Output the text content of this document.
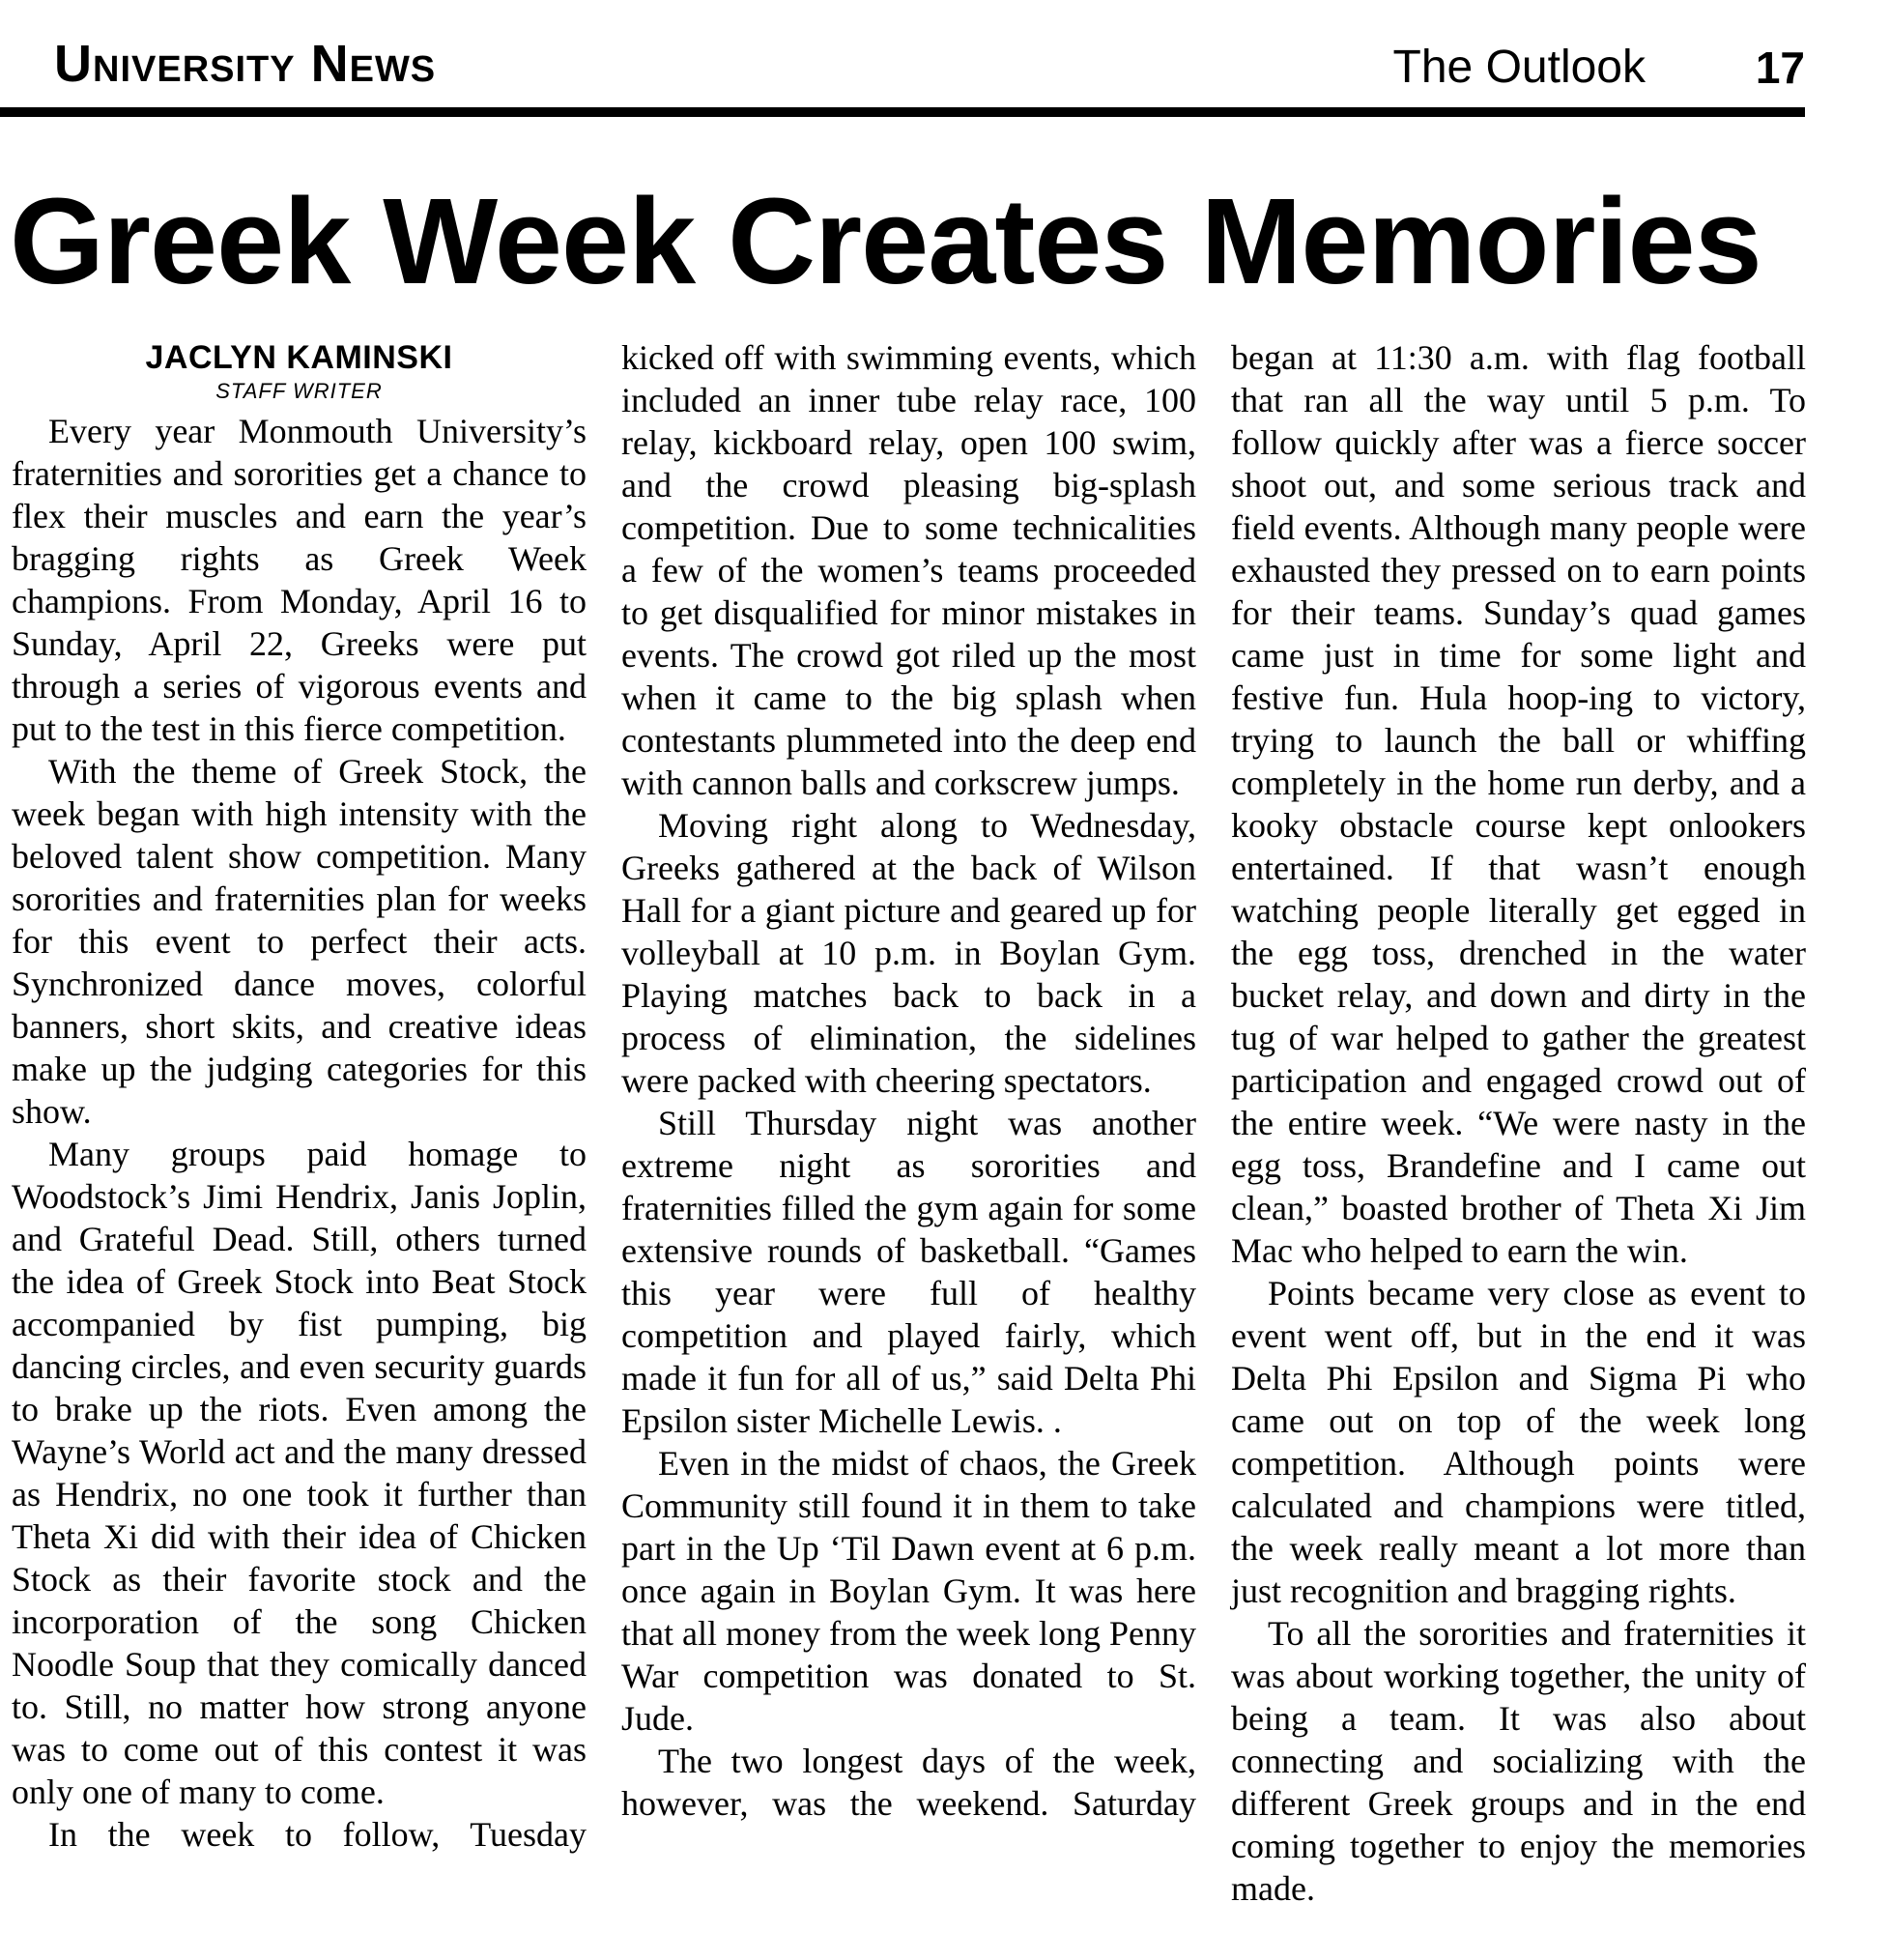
University News	The Outlook 17
Greek Week Creates Memories
JACLYN KAMINSKI
STAFF WRITER

Every year Monmouth University’s fraternities and sororities get a chance to flex their muscles and earn the year’s bragging rights as Greek Week champions. From Monday, April 16 to Sunday, April 22, Greeks were put through a series of vigorous events and put to the test in this fierce competition.

With the theme of Greek Stock, the week began with high intensity with the beloved talent show competition. Many sororities and fraternities plan for weeks for this event to perfect their acts. Synchronized dance moves, colorful banners, short skits, and creative ideas make up the judging categories for this show.

Many groups paid homage to Woodstock’s Jimi Hendrix, Janis Joplin, and Grateful Dead. Still, others turned the idea of Greek Stock into Beat Stock accompanied by fist pumping, big dancing circles, and even security guards to brake up the riots. Even among the Wayne’s World act and the many dressed as Hendrix, no one took it further than Theta Xi did with their idea of Chicken Stock as their favorite stock and the incorporation of the song Chicken Noodle Soup that they comically danced to. Still, no matter how strong anyone was to come out of this contest it was only one of many to come.

In the week to follow, Tuesday

kicked off with swimming events, which included an inner tube relay race, 100 relay, kickboard relay, open 100 swim, and the crowd pleasing big-splash competition. Due to some technicalities a few of the women’s teams proceeded to get disqualified for minor mistakes in events. The crowd got riled up the most when it came to the big splash when contestants plummeted into the deep end with cannon balls and corkscrew jumps.

Moving right along to Wednesday, Greeks gathered at the back of Wilson Hall for a giant picture and geared up for volleyball at 10 p.m. in Boylan Gym. Playing matches back to back in a process of elimination, the sidelines were packed with cheering spectators.

Still Thursday night was another extreme night as sororities and fraternities filled the gym again for some extensive rounds of basketball. “Games this year were full of healthy competition and played fairly, which made it fun for all of us,” said Delta Phi Epsilon sister Michelle Lewis. .

Even in the midst of chaos, the Greek Community still found it in them to take part in the Up ‘Til Dawn event at 6 p.m. once again in Boylan Gym. It was here that all money from the week long Penny War competition was donated to St. Jude.

The two longest days of the week, however, was the weekend. Saturday

began at 11:30 a.m. with flag football that ran all the way until 5 p.m. To follow quickly after was a fierce soccer shoot out, and some serious track and field events. Although many people were exhausted they pressed on to earn points for their teams. Sunday’s quad games came just in time for some light and festive fun. Hula hoop-ing to victory, trying to launch the ball or whiffing completely in the home run derby, and a kooky obstacle course kept onlookers entertained. If that wasn’t enough watching people literally get egged in the egg toss, drenched in the water bucket relay, and down and dirty in the tug of war helped to gather the greatest participation and engaged crowd out of the entire week. “We were nasty in the egg toss, Brandefine and I came out clean,” boasted brother of Theta Xi Jim Mac who helped to earn the win.

Points became very close as event to event went off, but in the end it was Delta Phi Epsilon and Sigma Pi who came out on top of the week long competition. Although points were calculated and champions were titled, the week really meant a lot more than just recognition and bragging rights.

To all the sororities and fraternities it was about working together, the unity of being a team. It was also about connecting and socializing with the different Greek groups and in the end coming together to enjoy the memories made.
